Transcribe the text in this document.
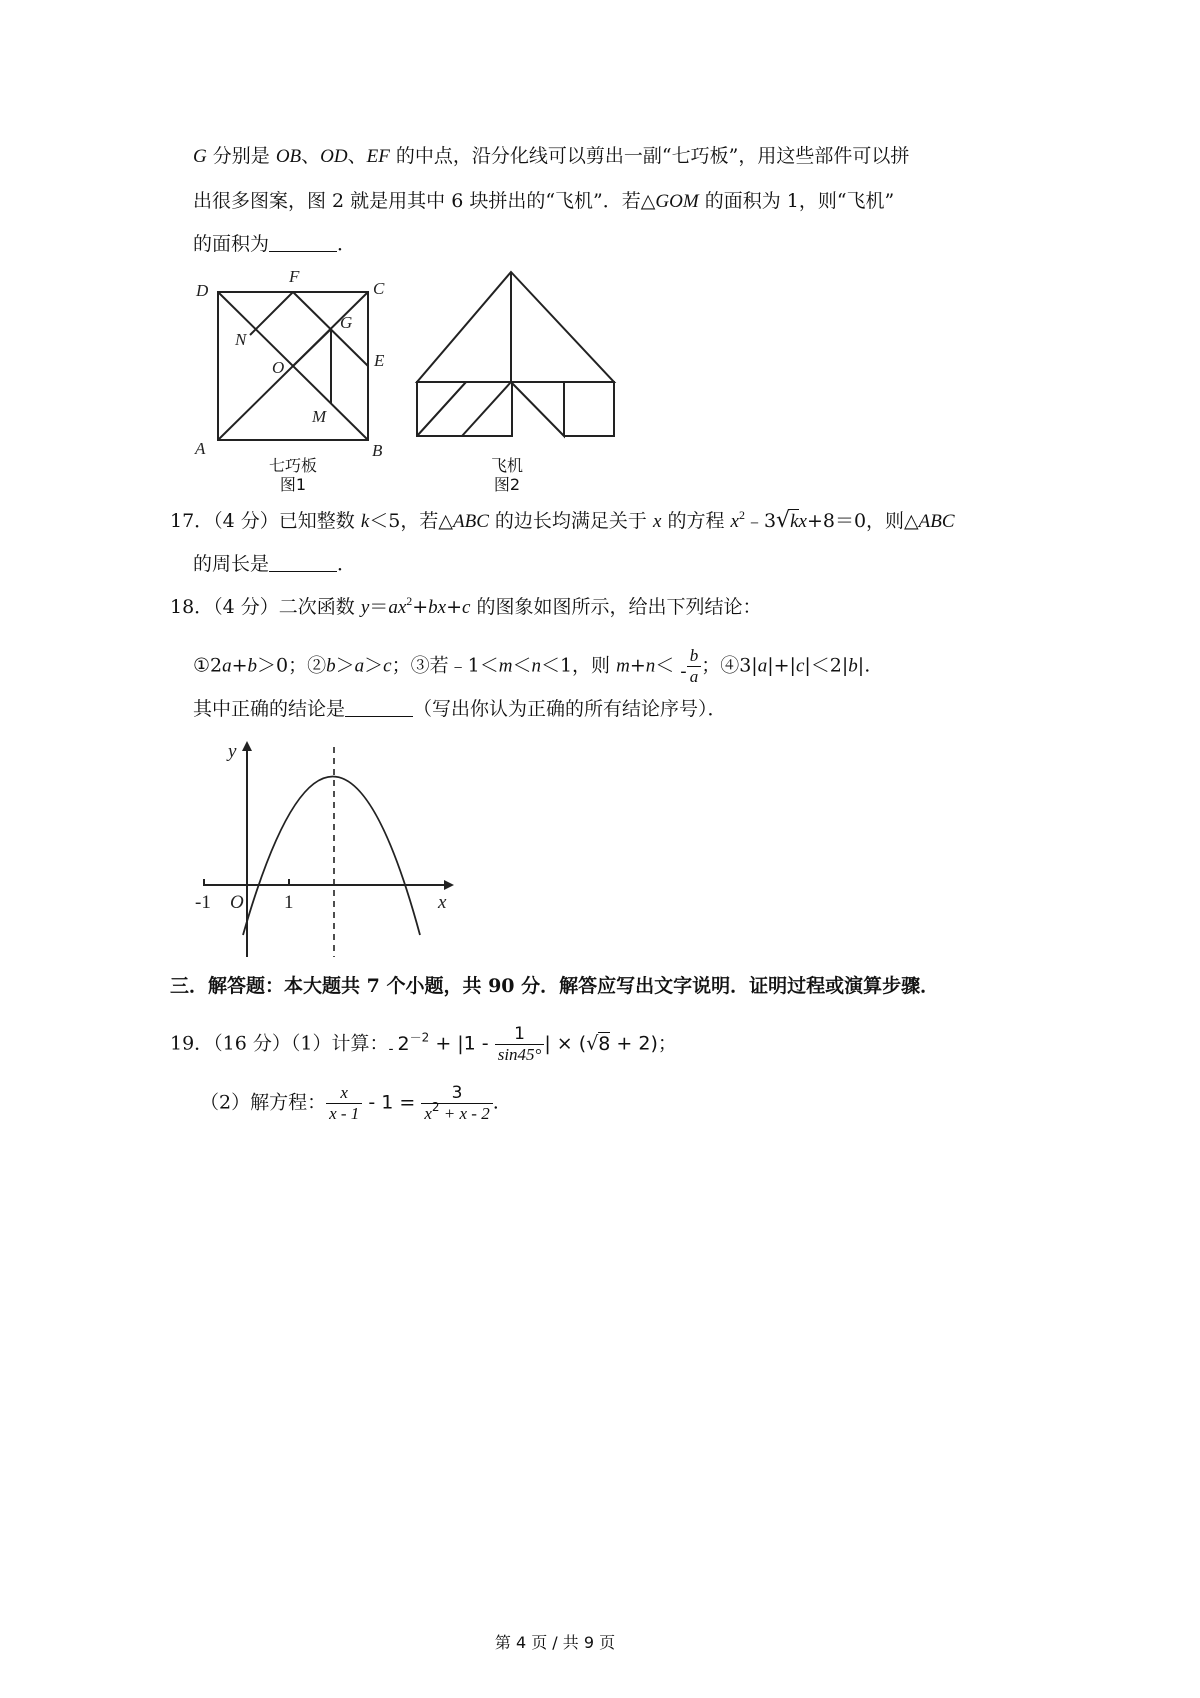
G 分别是 OB、OD、EF 的中点，沿分化线可以剪出一副“七巧板”，用这些部件可以拼
出很多图案，图 2 就是用其中 6 块拼出的“飞机”．若△GOM 的面积为 1，则“飞机”
的面积为	．
D
F
C
N
G
O	E
M
A	B
七巧板
图1
飞机
图2
17．（4 分）已知整数 k＜5，若△ABC 的边长均满足关于 x 的方程 $x^2﹣3√kx+8=0$，则△ABC
的周长是	．
18．（4 分）二次函数 $y=ax^2+bx+c$ 的图象如图所示，给出下列结论：
①2a+b＞0；②b＞a＞c；③若﹣1＜m＜n＜1，则 $m+n< - \frac{b}{a}$ ；④3|a|+|c|＜2|b|.
其中正确的结论是	（写出你认为正确的所有结论序号）．
y
x
O
-1	1
三．解答题：本大题共 7 个小题，共 90 分．解答应写出文字说明．证明过程或演算步骤．
19．（16 分）（1）计算：$_-$ $2^{-2} + |1 - \frac{1}{\sin 45^\circ}$ | × (√8 + 2)；
（2）解方程： $\frac{x}{x - 1} - 1 = \frac{3}{x^2 + x - 2}$ .
第 4 页 / 共 9 页
